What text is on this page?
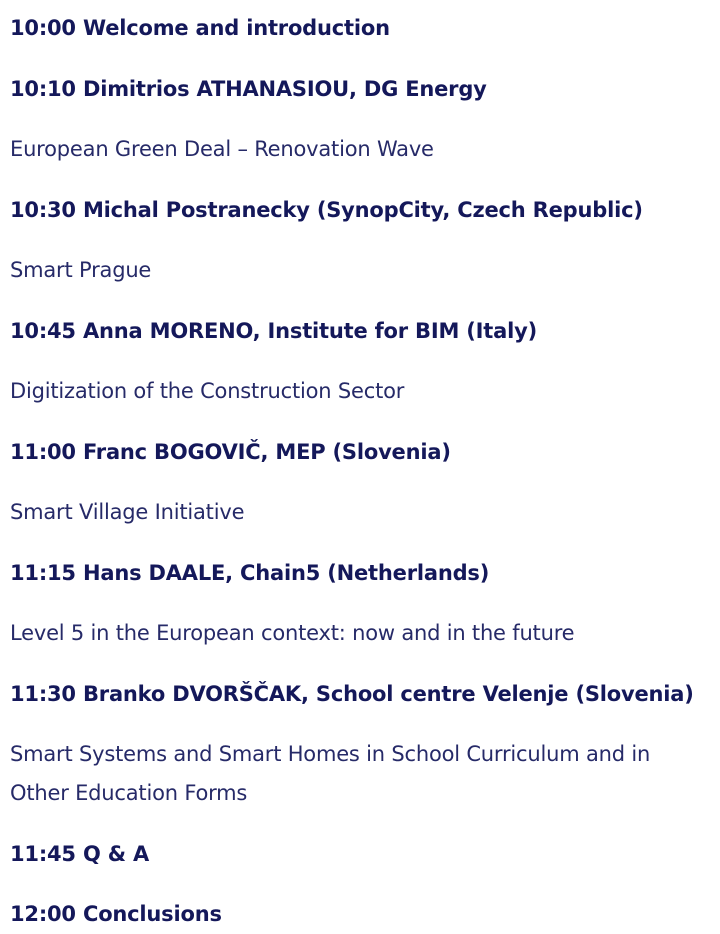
10:00 Welcome and introduction
10:10 Dimitrios ATHANASIOU, DG Energy
European Green Deal – Renovation Wave
10:30 Michal Postranecky (SynopCity, Czech Republic)
Smart Prague
10:45 Anna MORENO, Institute for BIM (Italy)
Digitization of the Construction Sector
11:00 Franc BOGOVIČ, MEP (Slovenia)
Smart Village Initiative
11:15 Hans DAALE, Chain5 (Netherlands)
Level 5 in the European context: now and in the future
11:30 Branko DVORŠČAK, School centre Velenje (Slovenia)
Smart Systems and Smart Homes in School Curriculum and in
Other Education Forms
11:45 Q & A
12:00 Conclusions
